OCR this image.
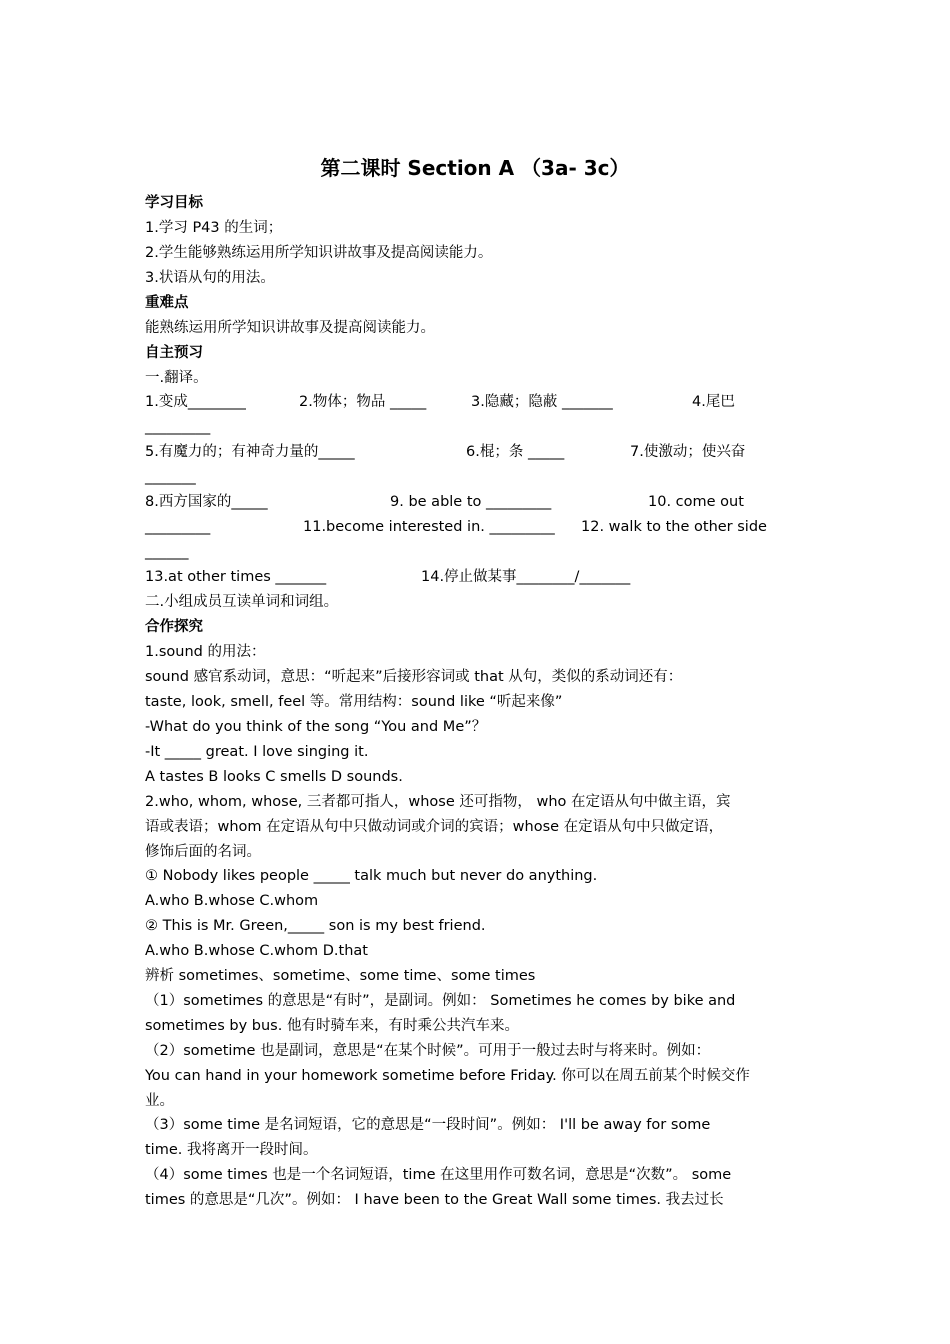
第二课时 Section A （3a- 3c）
学习目标
1.学习 P43 的生词；
2.学生能够熟练运用所学知识讲故事及提高阅读能力。
3.状语从句的用法。
重难点
能熟练运用所学知识讲故事及提高阅读能力。
自主预习
一.翻译。
1.变成________	2.物体；物品 _____	3.隐藏；隐蔽 _______	4.尾巴
_________
5.有魔力的；有神奇力量的_____	6.棍；条 _____	7.使激动；使兴奋
_______
8.西方国家的_____	9. be able to _________	10. come out
_________	11.become interested in. _________ 12. walk to the other side
______
13.at other times _______	14.停止做某事________/_______
二.小组成员互读单词和词组。
合作探究
1.sound 的用法：
sound 感官系动词，意思：“听起来”后接形容词或 that 从句，类似的系动词还有：
taste, look, smell, feel 等。常用结构：sound like “听起来像”
-What do you think of the song “You and Me”？
-It _____ great. I love singing it.
A tastes B looks C smells D sounds.
2.who, whom, whose, 三者都可指人，whose 还可指物， who 在定语从句中做主语，宾
语或表语；whom 在定语从句中只做动词或介词的宾语；whose 在定语从句中只做定语，
修饰后面的名词。
① Nobody likes people _____ talk much but never do anything.
A.who B.whose C.whom
② This is Mr. Green,_____ son is my best friend.
A.who B.whose C.whom D.that
辨析 sometimes、sometime、some time、some times
（1）sometimes 的意思是“有时”，是副词。例如： Sometimes he comes by bike and
sometimes by bus. 他有时骑车来，有时乘公共汽车来。
（2）sometime 也是副词，意思是“在某个时候”。可用于一般过去时与将来时。例如：
You can hand in your homework sometime before Friday. 你可以在周五前某个时候交作
业。
（3）some time 是名词短语，它的意思是“一段时间”。例如： I'll be away for some
time. 我将离开一段时间。
（4）some times 也是一个名词短语，time 在这里用作可数名词，意思是“次数”。 some
times 的意思是“几次”。例如： I have been to the Great Wall some times. 我去过长
